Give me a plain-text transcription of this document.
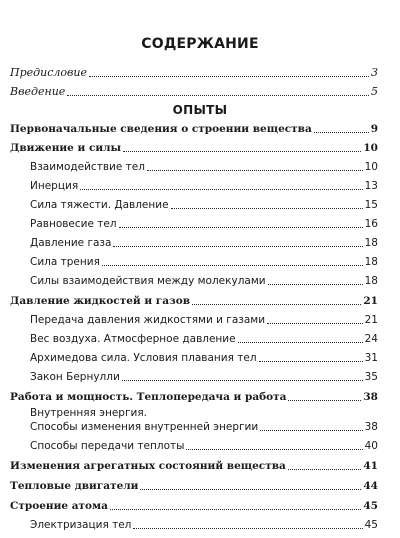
СОДЕРЖАНИЕ
Предисловие	3
Введение	5
ОПЫТЫ
Первоначальные сведения о строении вещества	9
Движение и силы	10
Взаимодействие тел	10
Инерция	13
Сила тяжести. Давление	15
Равновесие тел	16
Давление газа	18
Сила трения	18
Силы взаимодействия между молекулами	18
Давление жидкостей и газов	21
Передача давления жидкостями и газами	21
Вес воздуха. Атмосферное давление	24
Архимедова сила. Условия плавания тел	31
Закон Бернулли	35
Работа и мощность. Теплопередача и работа	38
Внутренняя энергия.
Способы изменения внутренней энергии	38
Способы передачи теплоты	40
Изменения агрегатных состояний вещества	41
Тепловые двигатели	44
Строение атома	45
Электризация тел	45
